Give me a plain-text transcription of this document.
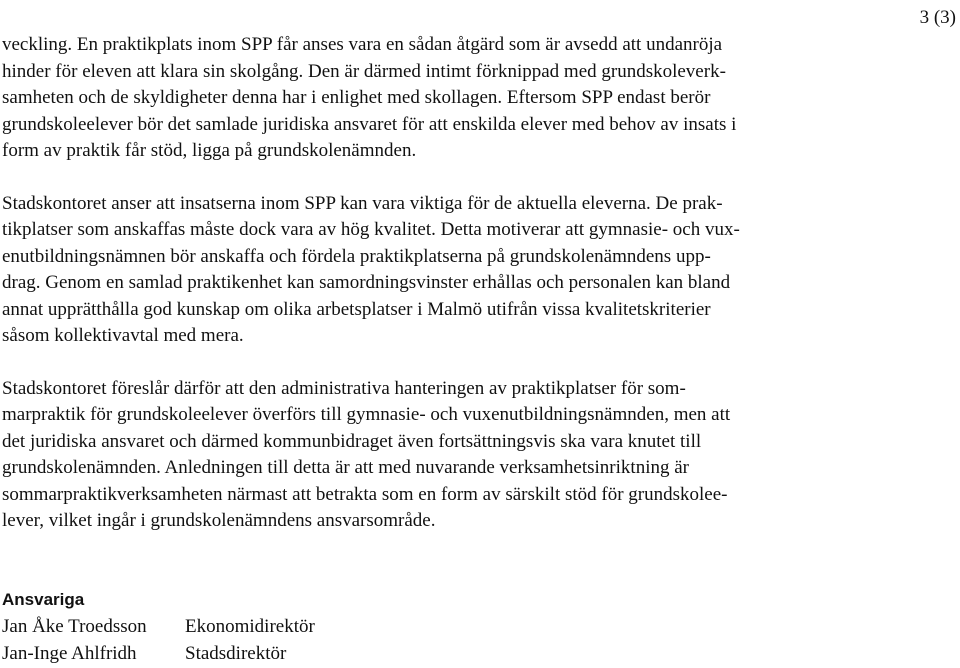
3 (3)

veckling. En praktikplats inom SPP får anses vara en sådan åtgärd som är avsedd att undanröja
hinder för eleven att klara sin skolgång. Den är därmed intimt förknippad med grundskoleverk-
samheten och de skyldigheter denna har i enlighet med skollagen. Eftersom SPP endast berör
grundskoleelever bör det samlade juridiska ansvaret för att enskilda elever med behov av insats i
form av praktik får stöd, ligga på grundskolenämnden.

Stadskontoret anser att insatserna inom SPP kan vara viktiga för de aktuella eleverna. De prak-
tikplatser som anskaffas måste dock vara av hög kvalitet. Detta motiverar att gymnasie- och vux-
enutbildningsnämnen bör anskaffa och fördela praktikplatserna på grundskolenämndens upp-
drag. Genom en samlad praktikenhet kan samordningsvinster erhållas och personalen kan bland
annat upprätthålla god kunskap om olika arbetsplatser i Malmö utifrån vissa kvalitetskriterier
såsom kollektivavtal med mera.

Stadskontoret föreslår därför att den administrativa hanteringen av praktikplatser för som-
marpraktik för grundskoleelever överförs till gymnasie- och vuxenutbildningsnämnden, men att
det juridiska ansvaret och därmed kommunbidraget även fortsättningsvis ska vara knutet till
grundskolenämnden. Anledningen till detta är att med nuvarande verksamhetsinriktning är
sommarpraktikverksamheten närmast att betrakta som en form av särskilt stöd för grundskolee-
lever, vilket ingår i grundskolenämndens ansvarsområde.

Ansvariga

Jan Åke Troedsson Ekonomidirektör
Jan-Inge Ahlfridh	Stadsdirektör
